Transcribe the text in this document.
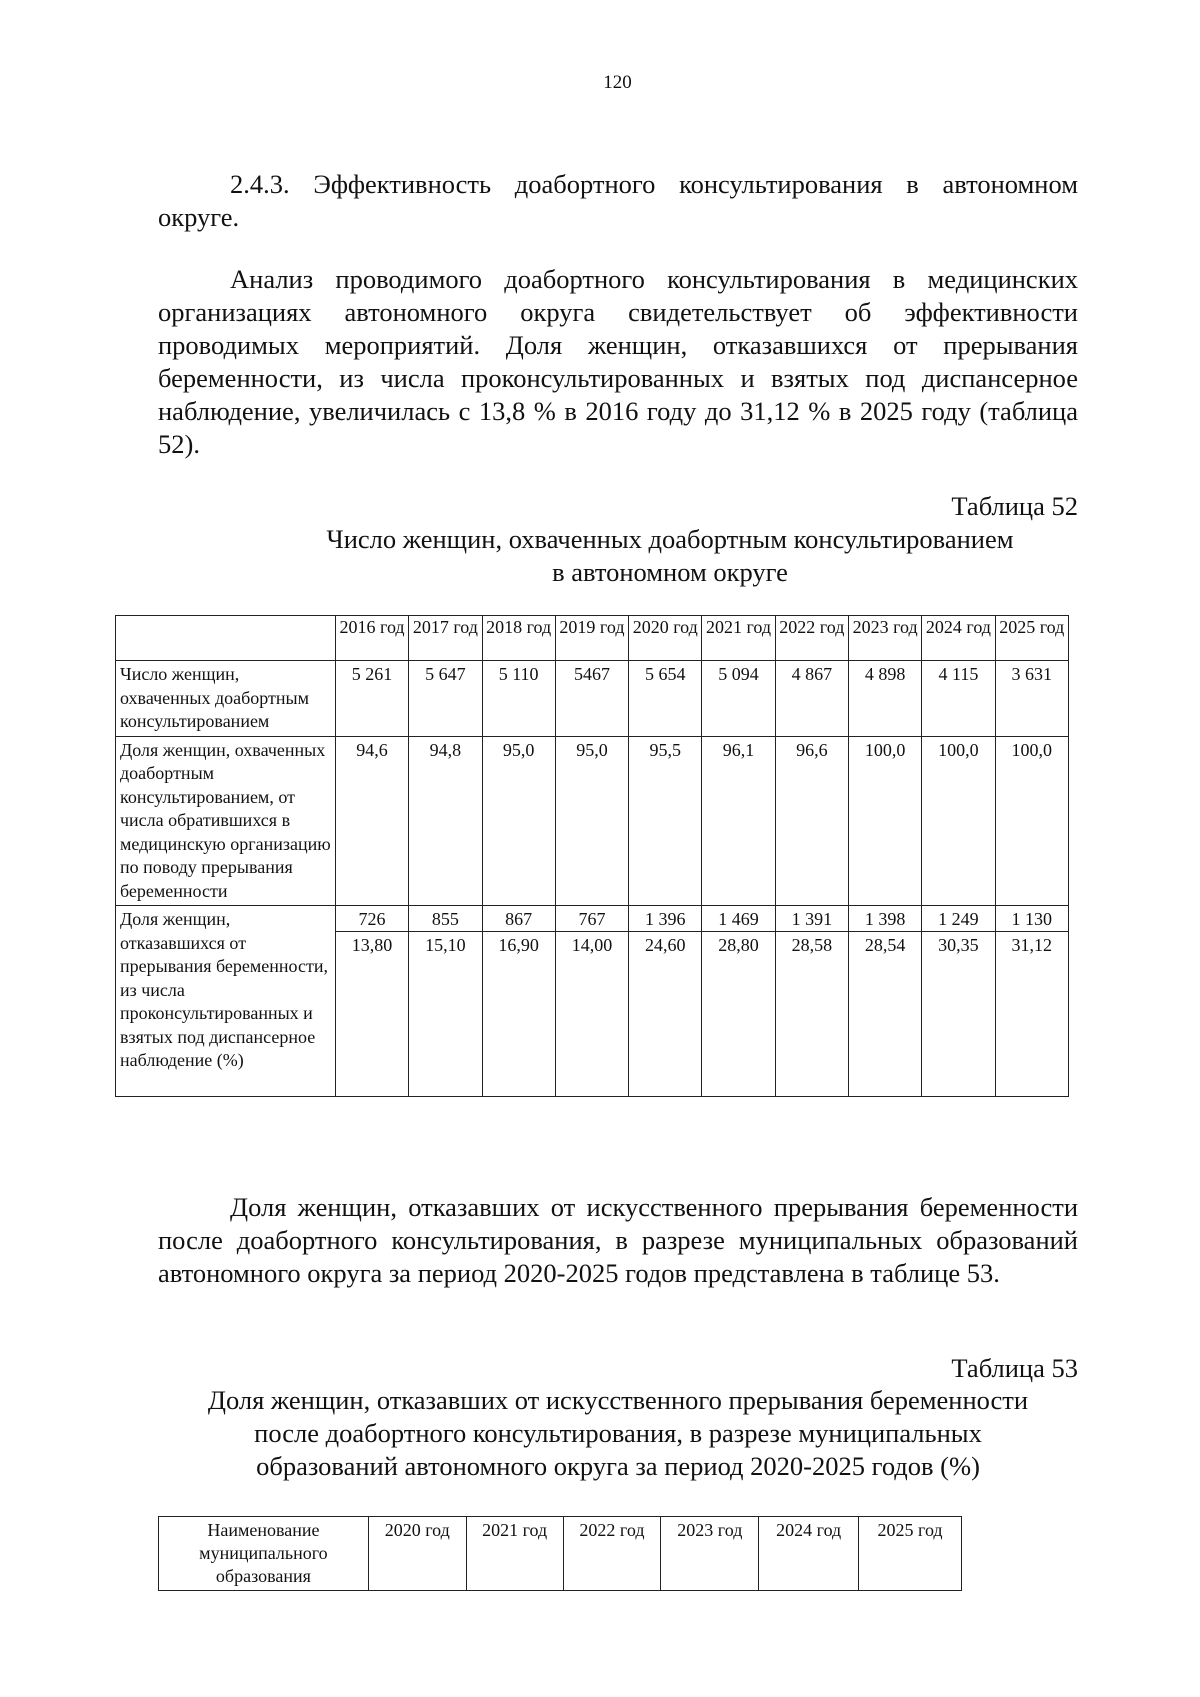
120

2.4.3. Эффективность доабортного консультирования в автономном округе.

Анализ проводимого доабортного консультирования в медицинских организациях автономного округа свидетельствует об эффективности проводимых мероприятий. Доля женщин, отказавшихся от прерывания беременности, из числа проконсультированных и взятых под диспансерное наблюдение, увеличилась с 13,8 % в 2016 году до 31,12 % в 2025 году (таблица 52).

Таблица 52
Число женщин, охваченных доабортным консультированием
в автономном округе
	2016 год	2017 год	2018 год	2019 год	2020 год	2021 год	2022 год	2023 год	2024 год	2025 год
Число женщин, охваченных доабортным консультированием	5 261	5 647	5 110	5467	5 654	5 094	4 867	4 898	4 115	3 631
Доля женщин, охваченных доабортным консультированием, от числа обратившихся в медицинскую организацию по поводу прерывания беременности	94,6	94,8	95,0	95,0	95,5	96,1	96,6	100,0	100,0	100,0
Доля женщин, отказавшихся от прерывания беременности, из числа проконсультированных и взятых под диспансерное наблюдение (%)	726	855	867	767	1 396	1 469	1 391	1 398	1 249	1 130
	13,80	15,10	16,90	14,00	24,60	28,80	28,58	28,54	30,35	31,12

Доля женщин, отказавших от искусственного прерывания беременности после доабортного консультирования, в разрезе муниципальных образований автономного округа за период 2020-2025 годов представлена в таблице 53.

Таблица 53
Доля женщин, отказавших от искусственного прерывания беременности
после доабортного консультирования, в разрезе муниципальных
образований автономного округа за период 2020-2025 годов (%)
Наименование муниципального образования	2020 год	2021 год	2022 год	2023 год	2024 год	2025 год
